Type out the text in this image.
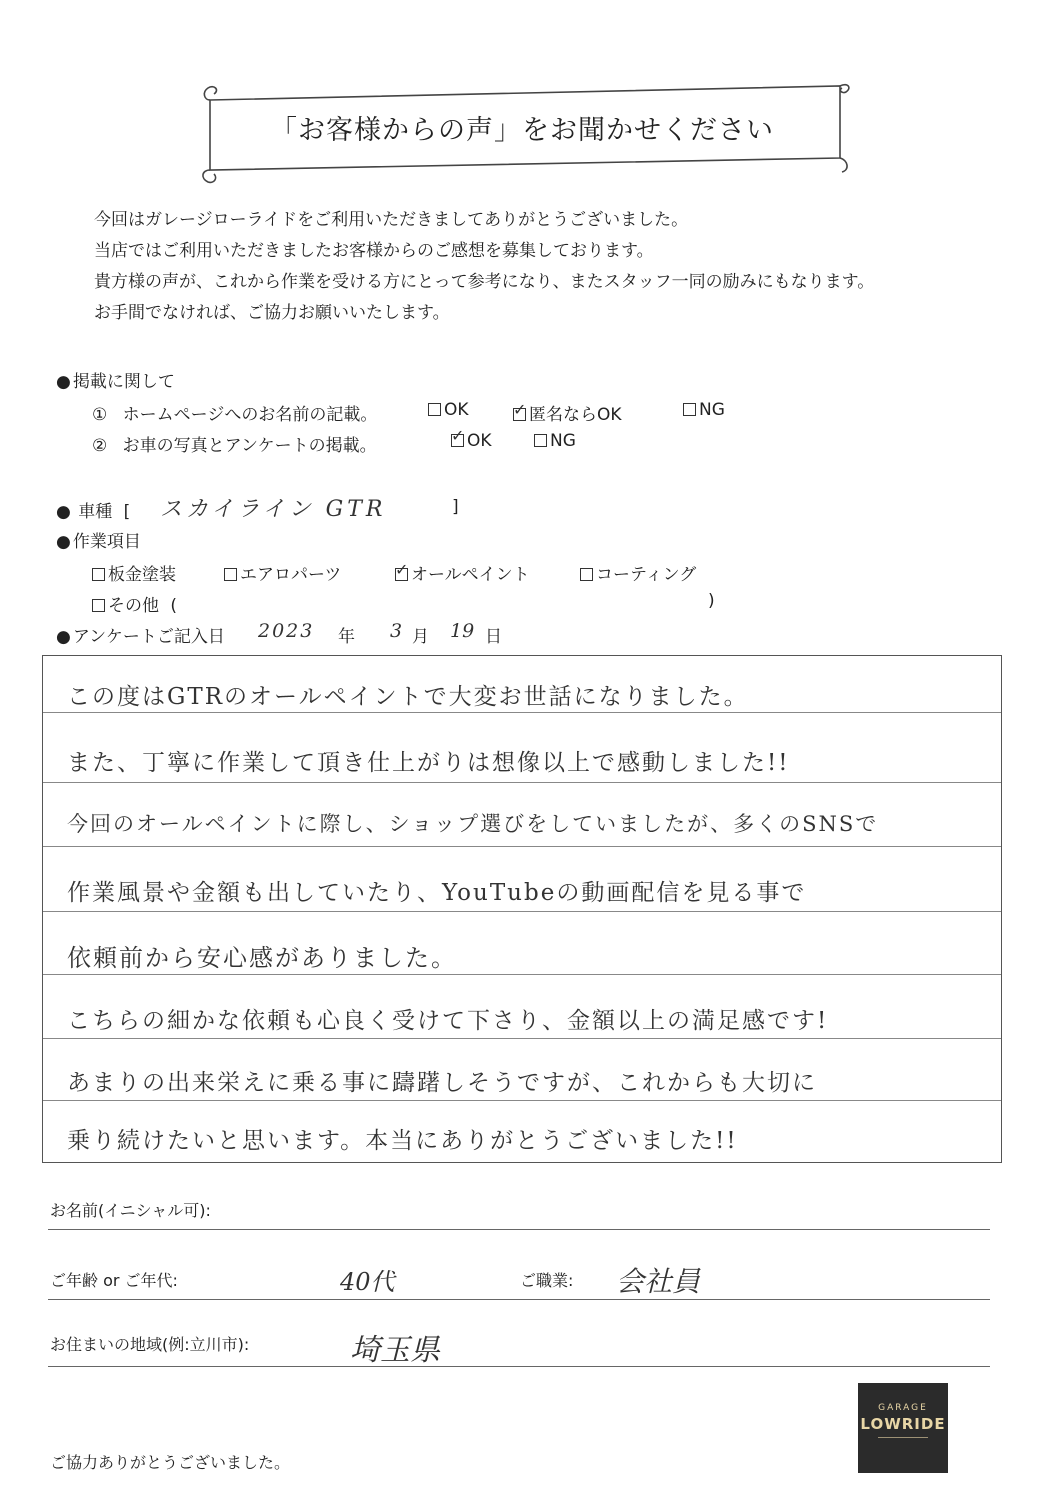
「お客様からの声」をお聞かせください
今回はガレージローライドをご利用いただきましてありがとうございました。
当店ではご利用いただきましたお客様からのご感想を募集しております。
貴方様の声が、これから作業を受ける方にとって参考になり、またスタッフ一同の励みにもなります。
お手間でなければ、ご協力お願いいたします。
● 掲載に関して
① ホームページへのお名前の記載。	OK ✓	匿名ならOK	NG
② お車の写真とアンケートの掲載。 ✓	OK	NG
● 車種 [ スカイライン GTR	]
● 作業項目
板金塗装	エアロパーツ ✓	オールペイント	コーティング
その他 (	)
● アンケートご記入日 2023 年 3 月 19 日
この度はGTRのオールペイントで大変お世話になりました。
また、丁寧に作業して頂き仕上がりは想像以上で感動しました!!
今回のオールペイントに際し、ショップ選びをしていましたが、多くのSNSで
作業風景や金額も出していたり、YouTubeの動画配信を見る事で
依頼前から安心感がありました。
こちらの細かな依頼も心良く受けて下さり、金額以上の満足感です!
あまりの出来栄えに乗る事に躊躇しそうですが、これからも大切に
乗り続けたいと思います。本当にありがとうございました!!
お名前(イニシャル可):
ご年齢 or ご年代:	40代	ご職業: 会社員
お住まいの地域(例:立川市):	埼玉県
GARAGE
LOWRIDE
ご協力ありがとうございました。
